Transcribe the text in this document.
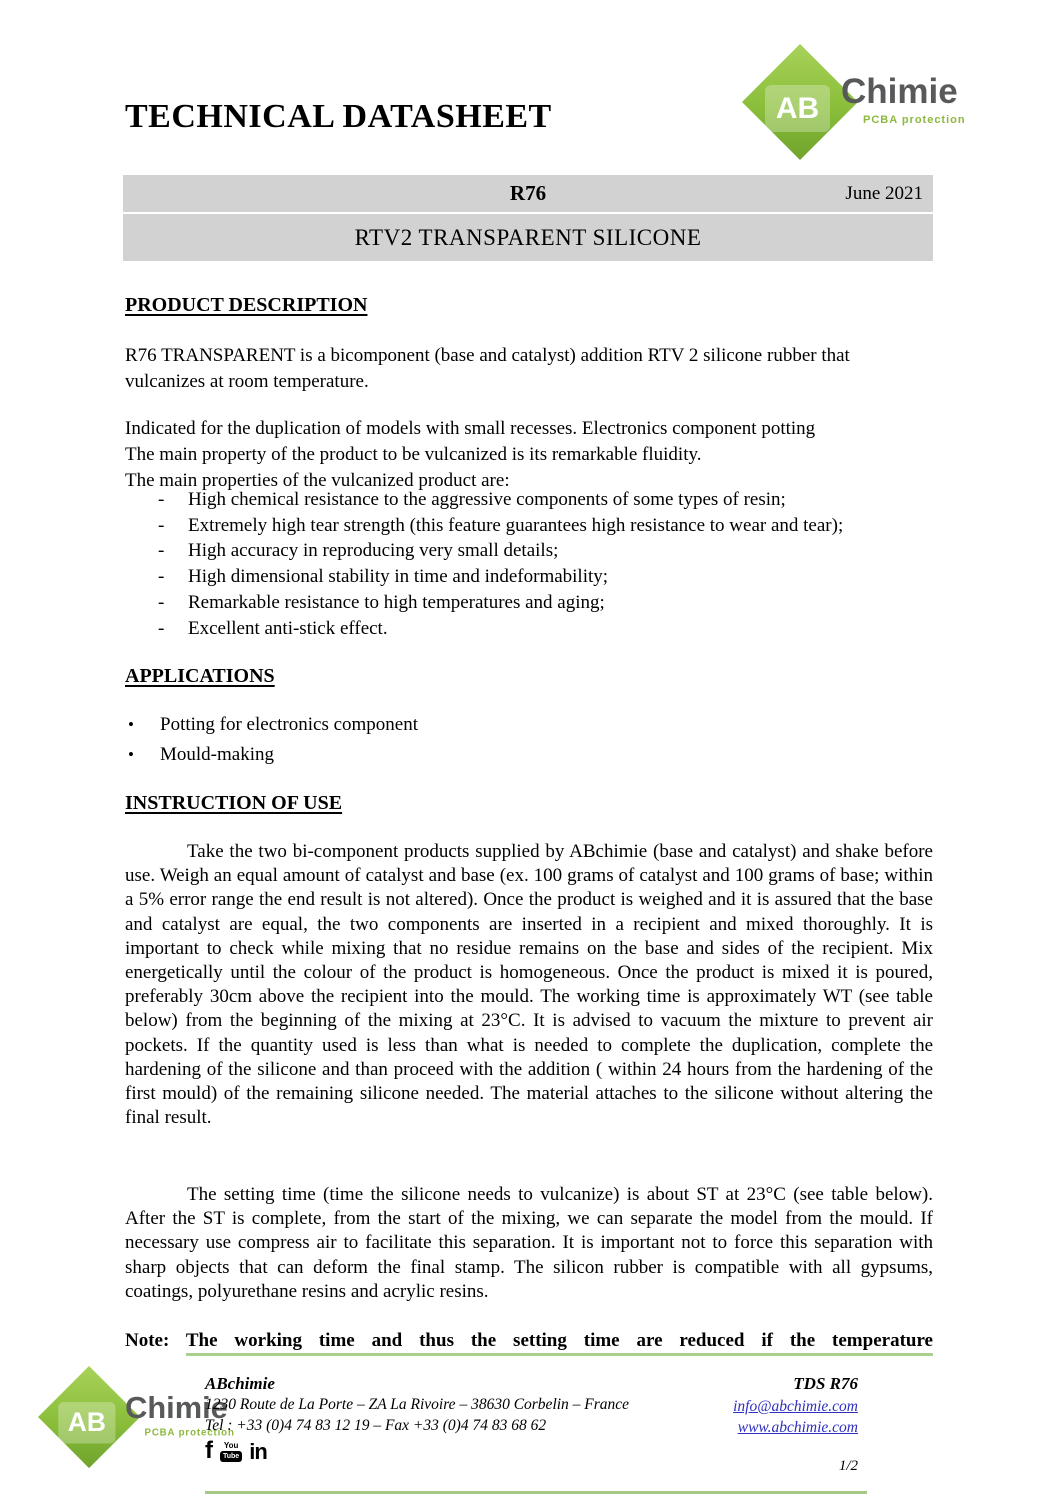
TECHNICAL DATASHEET	AB Chimie
PCBA protection
R76	June 2021
RTV2 TRANSPARENT SILICONE
PRODUCT DESCRIPTION

R76 TRANSPARENT is a bicomponent (base and catalyst) addition RTV 2 silicone rubber that vulcanizes at room temperature.

Indicated for the duplication of models with small recesses. Electronics component potting

The main property of the product to be vulcanized is its remarkable fluidity.

The main properties of the vulcanized product are:

- High chemical resistance to the aggressive components of some types of resin;
- Extremely high tear strength (this feature guarantees high resistance to wear and tear);
- High accuracy in reproducing very small details;
- High dimensional stability in time and indeformability;
- Remarkable resistance to high temperatures and aging;
- Excellent anti-stick effect.
APPLICATIONS
• Potting for electronics component
• Mould-making
INSTRUCTION OF USE

Take the two bi-component products supplied by ABchimie (base and catalyst) and shake before use. Weigh an equal amount of catalyst and base (ex. 100 grams of catalyst and 100 grams of base; within a 5% error range the end result is not altered). Once the product is weighed and it is assured that the base and catalyst are equal, the two components are inserted in a recipient and mixed thoroughly. It is important to check while mixing that no residue remains on the base and sides of the recipient. Mix energetically until the colour of the product is homogeneous. Once the product is mixed it is poured, preferably 30cm above the recipient into the mould. The working time is approximately WT (see table below) from the beginning of the mixing at 23°C. It is advised to vacuum the mixture to prevent air pockets. If the quantity used is less than what is needed to complete the duplication, complete the hardening of the silicone and than proceed with the addition ( within 24 hours from the hardening of the first mould) of the remaining silicone needed. The material attaches to the silicone without altering the final result.

The setting time (time the silicone needs to vulcanize) is about ST at 23°C (see table below). After the ST is complete, from the start of the mixing, we can separate the model from the mould. If necessary use compress air to facilitate this separation. It is important not to force this separation with sharp objects that can deform the final stamp. The silicon rubber is compatible with all gypsums, coatings, polyurethane resins and acrylic resins.

Note: The working time and thus the setting time are reduced if the temperature

AB Chimie
PCBA protection

ABchimie

1230 Route de La Porte – ZA La Rivoire – 38630 Corbelin – France

Tel : +33 (0)4 74 83 12 19 – Fax +33 (0)4 74 83 68 62

f You
Tube in

TDS R76

info@abchimie.com
www.abchimie.com
1/2
